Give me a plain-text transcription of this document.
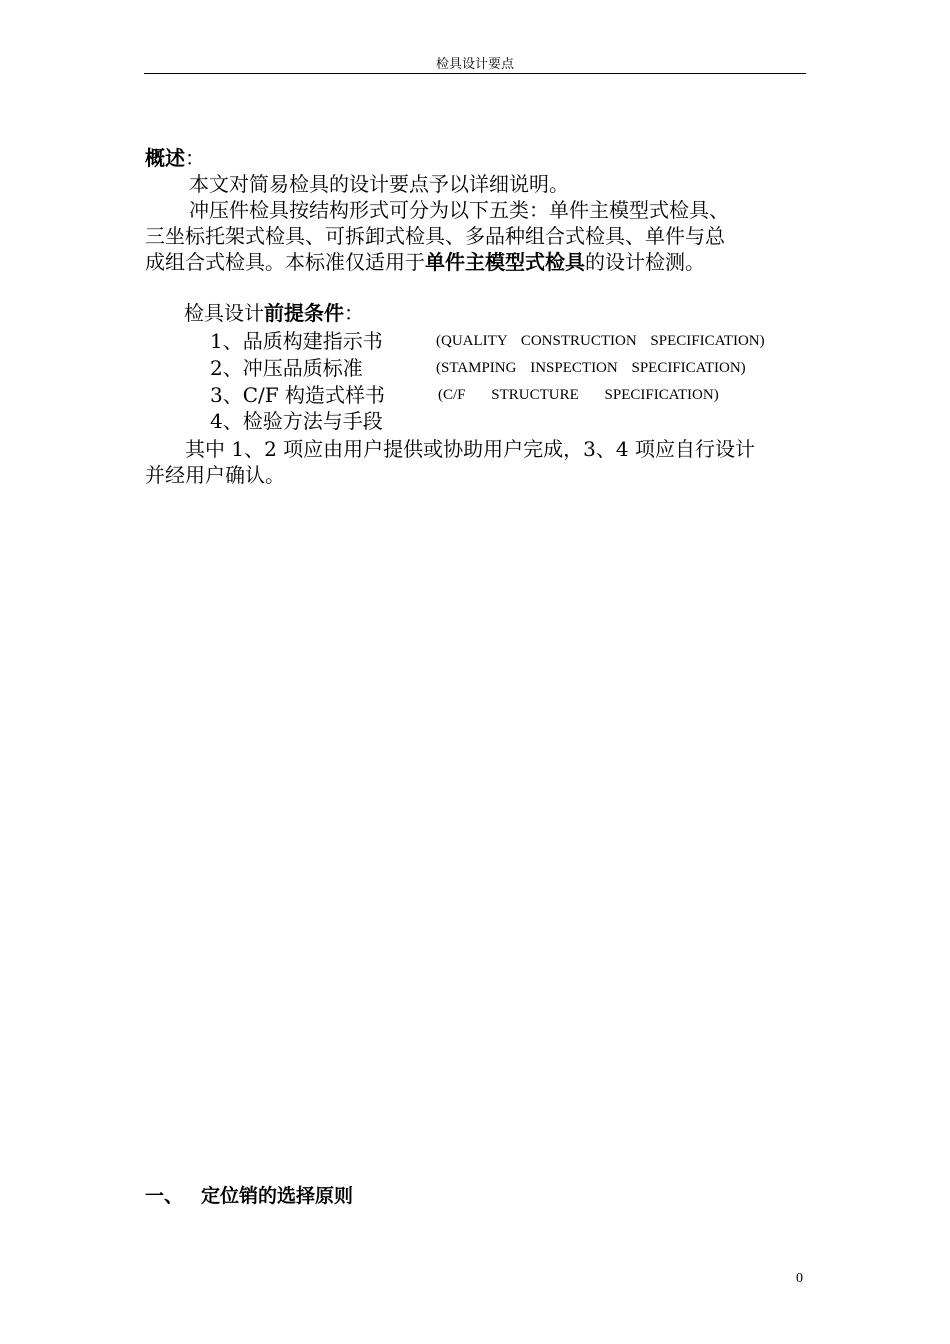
检具设计要点
概述：
本文对简易检具的设计要点予以详细说明。
冲压件检具按结构形式可分为以下五类：单件主模型式检具、
三坐标托架式检具、可拆卸式检具、多品种组合式检具、单件与总
成组合式检具。本标准仅适用于单件主模型式检具的设计检测。
检具设计前提条件：
1、品质构建指示书	(QUALITY CONSTRUCTION SPECIFICATION)
2、冲压品质标准	(STAMPING INSPECTION SPECIFICATION)
3、C/F 构造式样书	(C/F STRUCTURE SPECIFICATION)
4、检验方法与手段
其中 1、2 项应由用户提供或协助用户完成，3、4 项应自行设计
并经用户确认。
一、 定位销的选择原则
0
